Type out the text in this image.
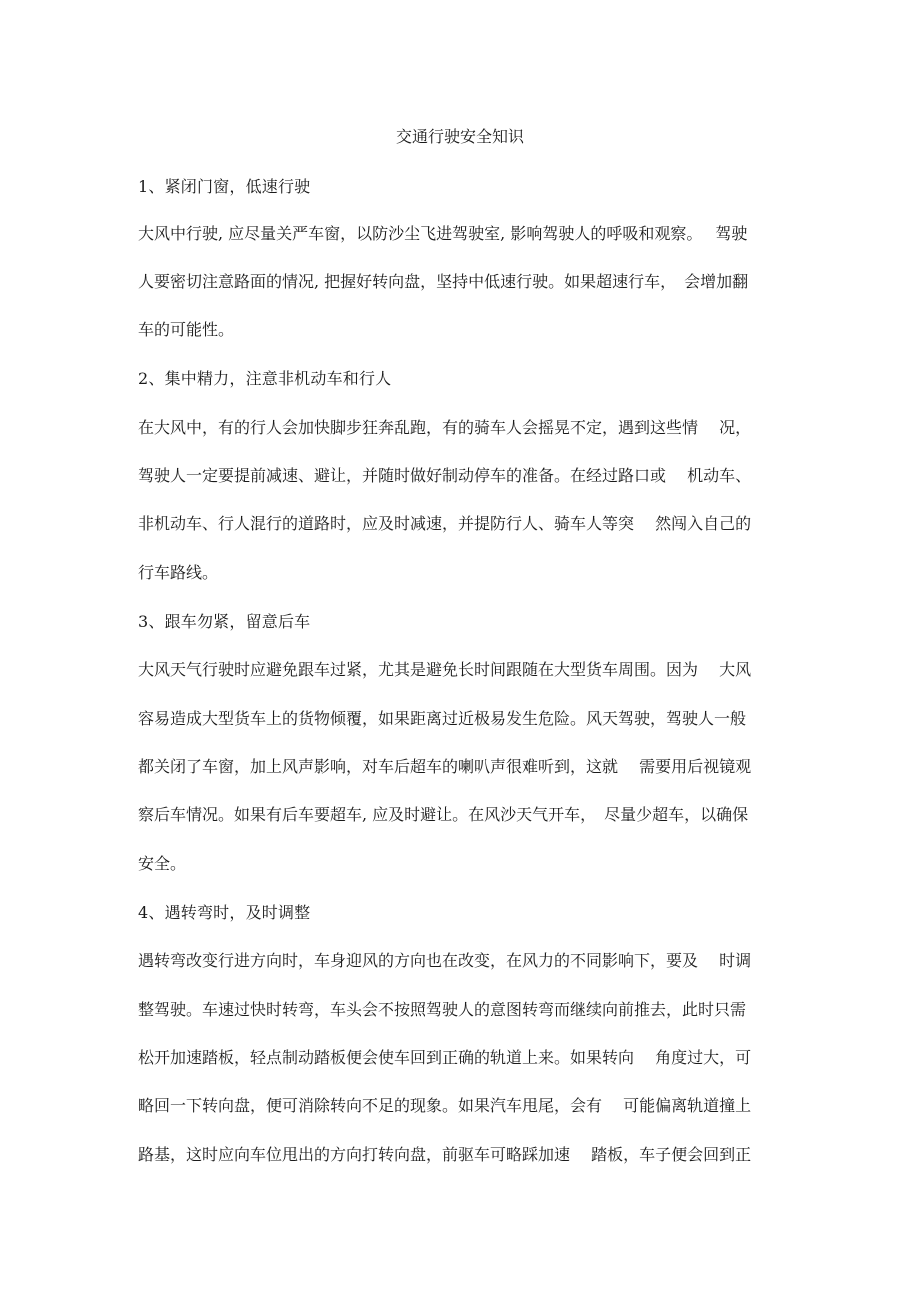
交通行驶安全知识
1、紧闭门窗，低速行驶
大风中行驶, 应尽量关严车窗，以防沙尘飞进驾驶室, 影响驾驶人的呼吸和观察。　 驾驶
人要密切注意路面的情况, 把握好转向盘，坚持中低速行驶。如果超速行车，　会增加翻
车的可能性。
2、集中精力，注意非机动车和行人
在大风中，有的行人会加快脚步狂奔乱跑，有的骑车人会摇晃不定，遇到这些情　 况，
驾驶人一定要提前减速、避让，并随时做好制动停车的准备。在经过路口或　 机动车、
非机动车、行人混行的道路时，应及时减速，并提防行人、骑车人等突　 然闯入自己的
行车路线。
3、跟车勿紧，留意后车
大风天气行驶时应避免跟车过紧，尤其是避免长时间跟随在大型货车周围。因为　 大风
容易造成大型货车上的货物倾覆，如果距离过近极易发生危险。风天驾驶，驾驶人一般
都关闭了车窗，加上风声影响，对车后超车的喇叭声很难听到，这就　 需要用后视镜观
察后车情况。如果有后车要超车, 应及时避让。在风沙天气开车，　尽量少超车，以确保
安全。
4、遇转弯时，及时调整
遇转弯改变行进方向时，车身迎风的方向也在改变，在风力的不同影响下，要及　 时调
整驾驶。车速过快时转弯，车头会不按照驾驶人的意图转弯而继续向前推去，此时只需
松开加速踏板，轻点制动踏板便会使车回到正确的轨道上来。如果转向　 角度过大，可
略回一下转向盘，便可消除转向不足的现象。如果汽车甩尾，会有　 可能偏离轨道撞上
路基，这时应向车位甩出的方向打转向盘，前驱车可略踩加速　 踏板，车子便会回到正
